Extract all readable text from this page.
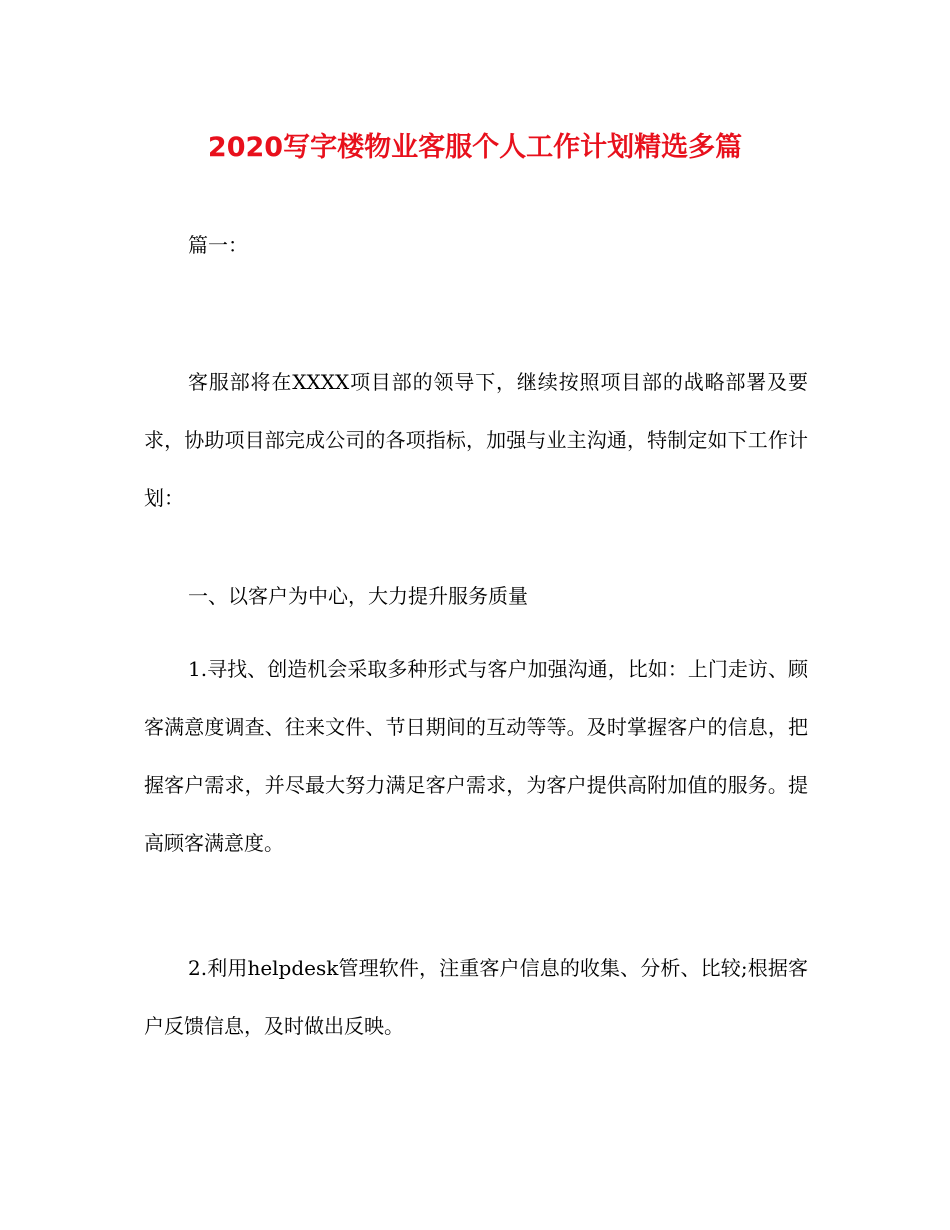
2020写字楼物业客服个人工作计划精选多篇

篇一：

客服部将在XXXX项目部的领导下，继续按照项目部的战略部署及要求，协助项目部完成公司的各项指标，加强与业主沟通，特制定如下工作计划：

一、以客户为中心，大力提升服务质量

1.寻找、创造机会采取多种形式与客户加强沟通，比如：上门走访、顾客满意度调查、往来文件、节日期间的互动等等。及时掌握客户的信息，把握客户需求，并尽最大努力满足客户需求，为客户提供高附加值的服务。提高顾客满意度。

2.利用helpdesk管理软件，注重客户信息的收集、分析、比较;根据客户反馈信息，及时做出反映。
